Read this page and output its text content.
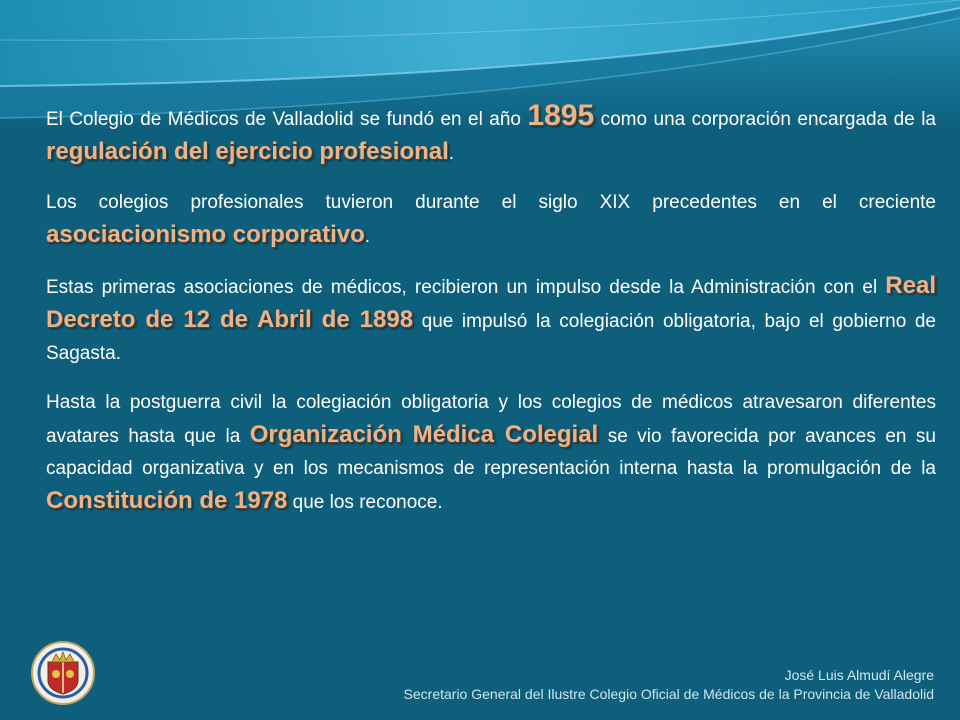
El Colegio de Médicos de Valladolid se fundó en el año 1895 como una corporación encargada de la regulación del ejercicio profesional.

Los colegios profesionales tuvieron durante el siglo XIX precedentes en el creciente asociacionismo corporativo.

Estas primeras asociaciones de médicos, recibieron un impulso desde la Administración con el Real Decreto de 12 de Abril de 1898 que impulsó la colegiación obligatoria, bajo el gobierno de Sagasta.

Hasta la postguerra civil la colegiación obligatoria y los colegios de médicos atravesaron diferentes avatares hasta que la Organización Médica Colegial se vio favorecida por avances en su capacidad organizativa y en los mecanismos de representación interna hasta la promulgación de la Constitución de 1978 que los reconoce.

José Luis Almudí Alegre
Secretario General del Ilustre Colegio Oficial de Médicos de la Provincia de Valladolid
